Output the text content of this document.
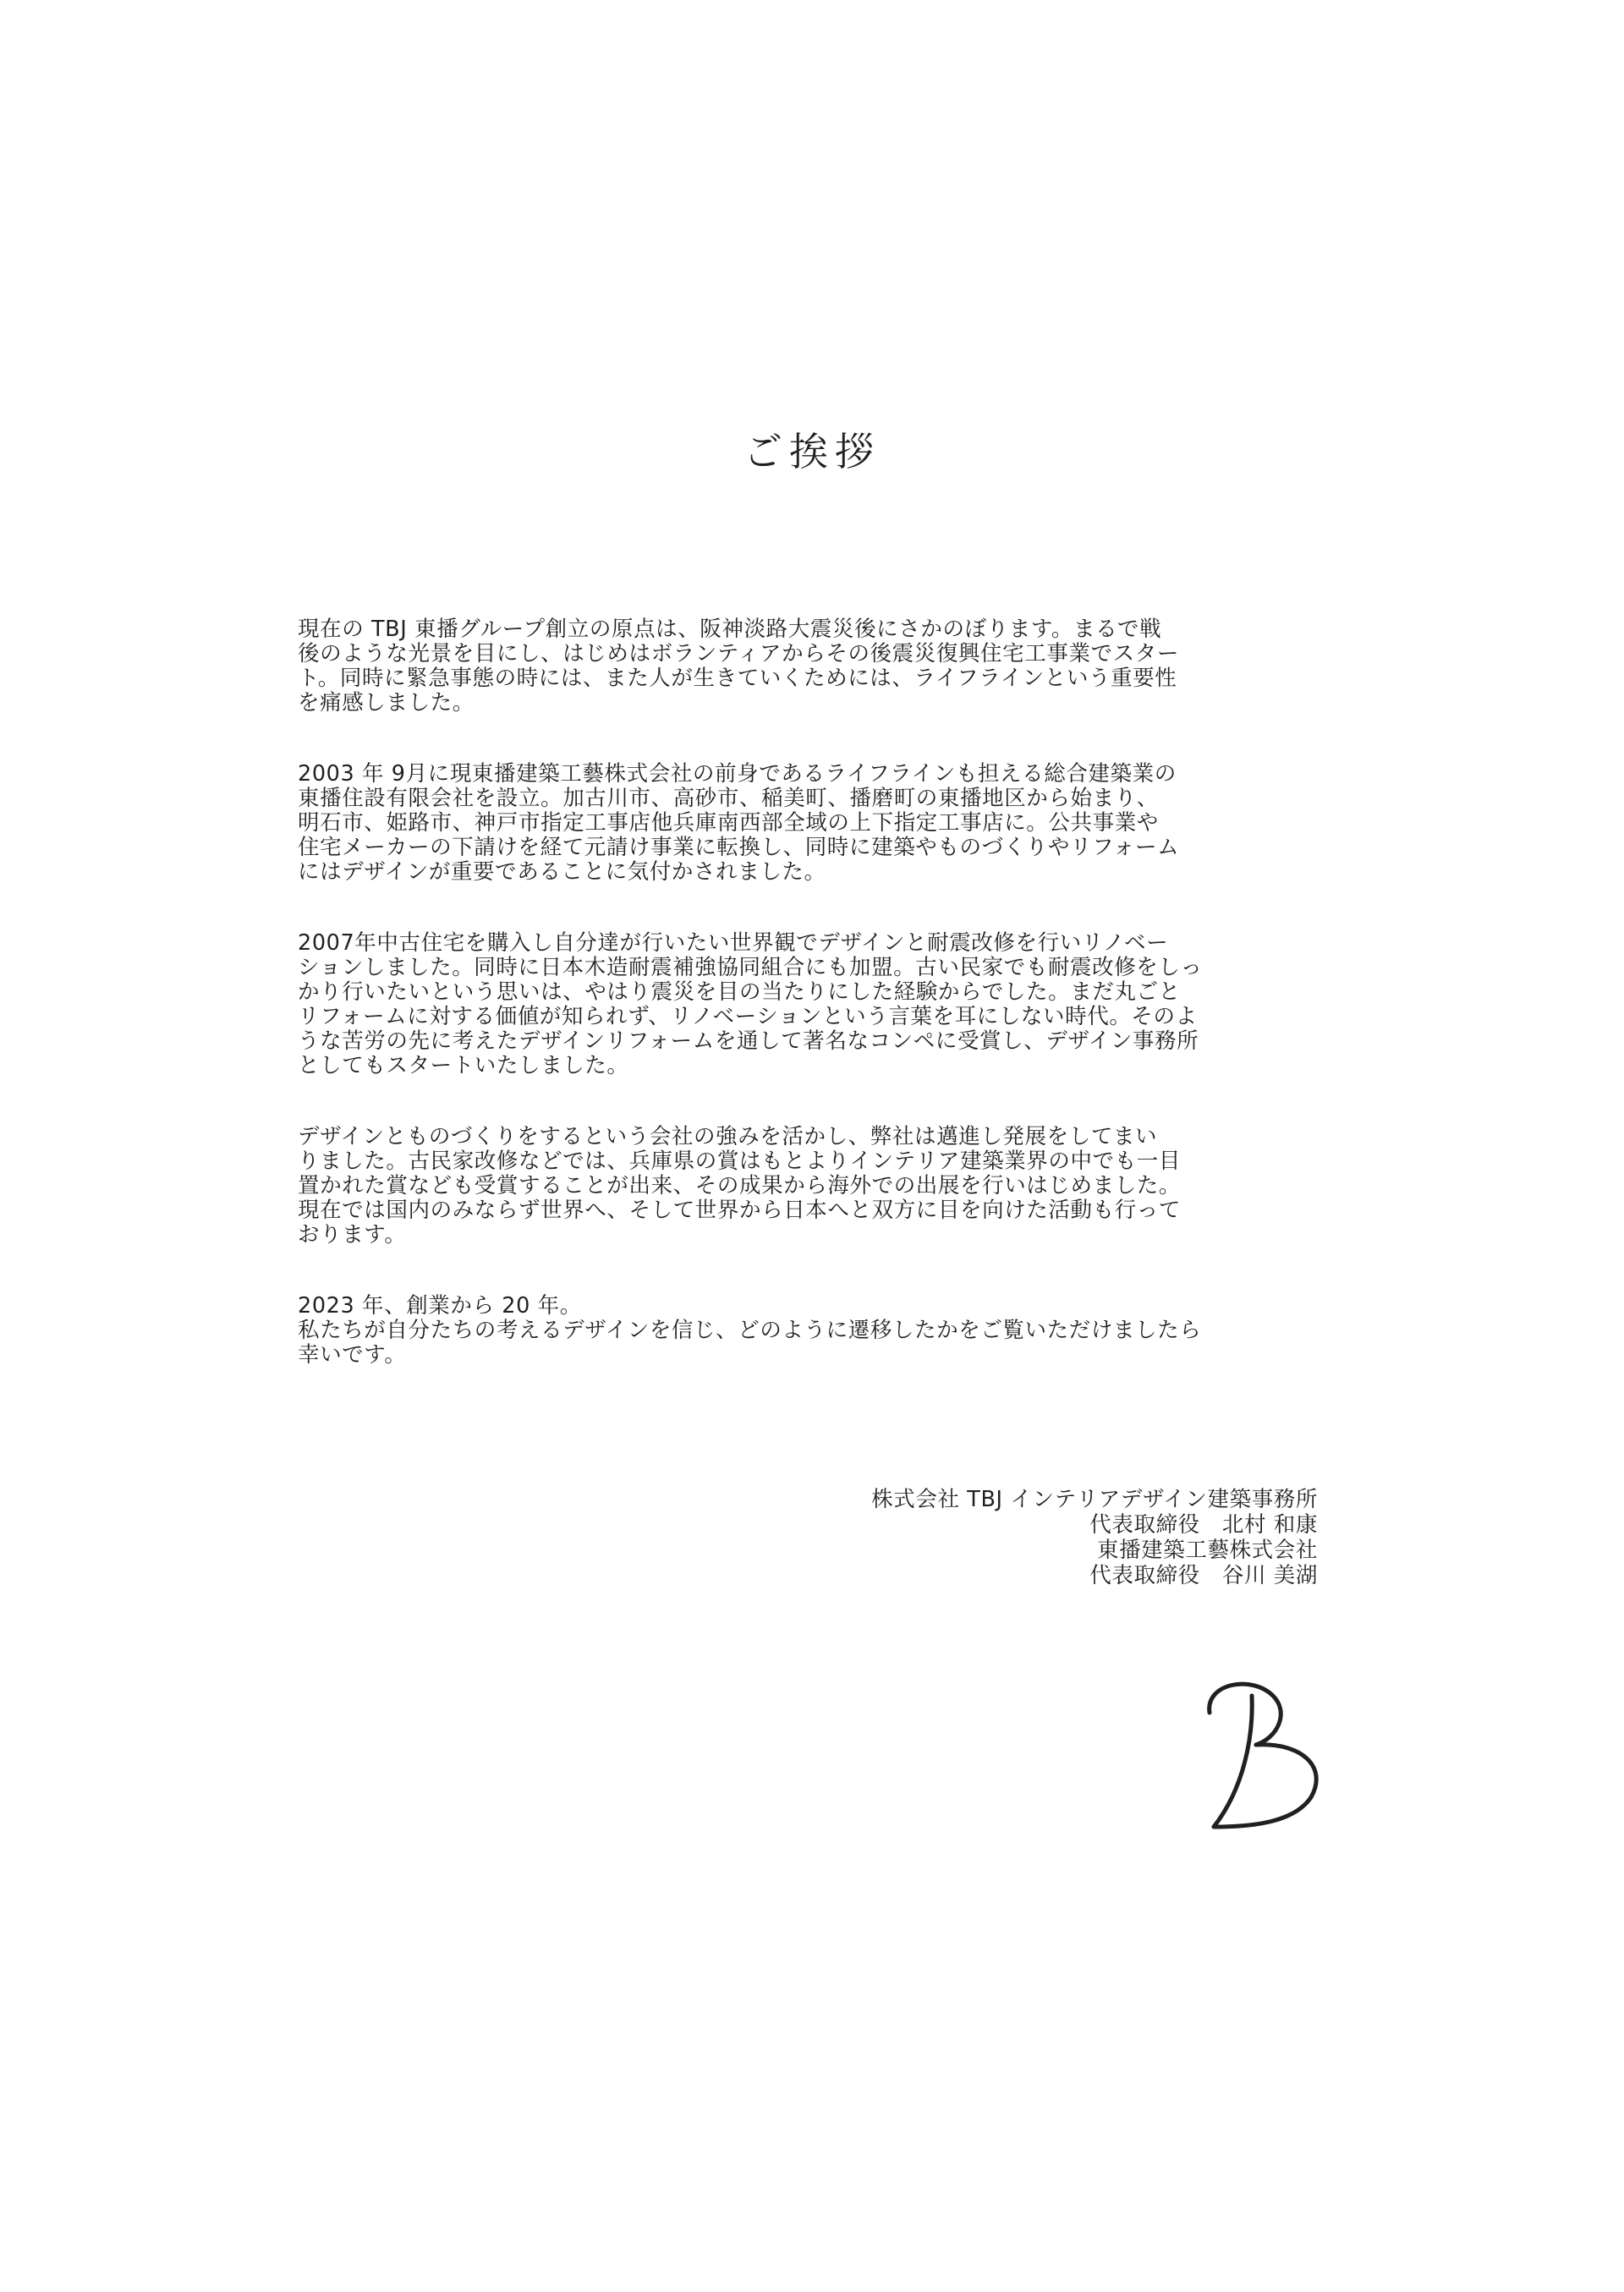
ご挨拶

現在の TBJ 東播グループ創立の原点は、阪神淡路大震災後にさかのぼります。まるで戦
後のような光景を目にし、はじめはボランティアからその後震災復興住宅工事業でスター
ト。同時に緊急事態の時には、また人が生きていくためには、ライフラインという重要性
を痛感しました。

2003 年 9月に現東播建築工藝株式会社の前身であるライフラインも担える総合建築業の
東播住設有限会社を設立。加古川市、高砂市、稲美町、播磨町の東播地区から始まり、
明石市、姫路市、神戸市指定工事店他兵庫南西部全域の上下指定工事店に。公共事業や
住宅メーカーの下請けを経て元請け事業に転換し、同時に建築やものづくりやリフォーム
にはデザインが重要であることに気付かされました。

2007年中古住宅を購入し自分達が行いたい世界観でデザインと耐震改修を行いリノベー
ションしました。同時に日本木造耐震補強協同組合にも加盟。古い民家でも耐震改修をしっ
かり行いたいという思いは、やはり震災を目の当たりにした経験からでした。まだ丸ごと
リフォームに対する価値が知られず、リノベーションという言葉を耳にしない時代。そのよ
うな苦労の先に考えたデザインリフォームを通して著名なコンペに受賞し、デザイン事務所
としてもスタートいたしました。

デザインとものづくりをするという会社の強みを活かし、弊社は邁進し発展をしてまい
りました。古民家改修などでは、兵庫県の賞はもとよりインテリア建築業界の中でも一目
置かれた賞なども受賞することが出来、その成果から海外での出展を行いはじめました。
現在では国内のみならず世界へ、そして世界から日本へと双方に目を向けた活動も行って
おります。

2023 年、創業から 20 年。
私たちが自分たちの考えるデザインを信じ、どのように遷移したかをご覧いただけましたら
幸いです。

株式会社 TBJ インテリアデザイン建築事務所
代表取締役　北村 和康
東播建築工藝株式会社
代表取締役　谷川 美湖
